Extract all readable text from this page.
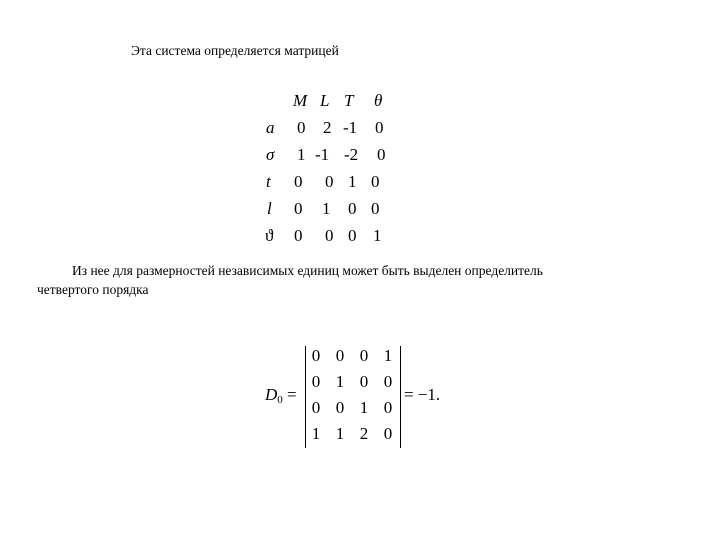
Эта система определяется матрицей
M L T θ
a 0 2 -1 0
σ 1 -1 -2 0
t 0 0 1 0
l 0 1 0 0
ϑ 0 0 0 1
Из нее для размерностей независимых единиц может быть выделен определитель
четвертого порядка
$D_0$ =
0 0 0 1
0 1 0 0
0 0 1 0
1 1 2 0
= −1.
